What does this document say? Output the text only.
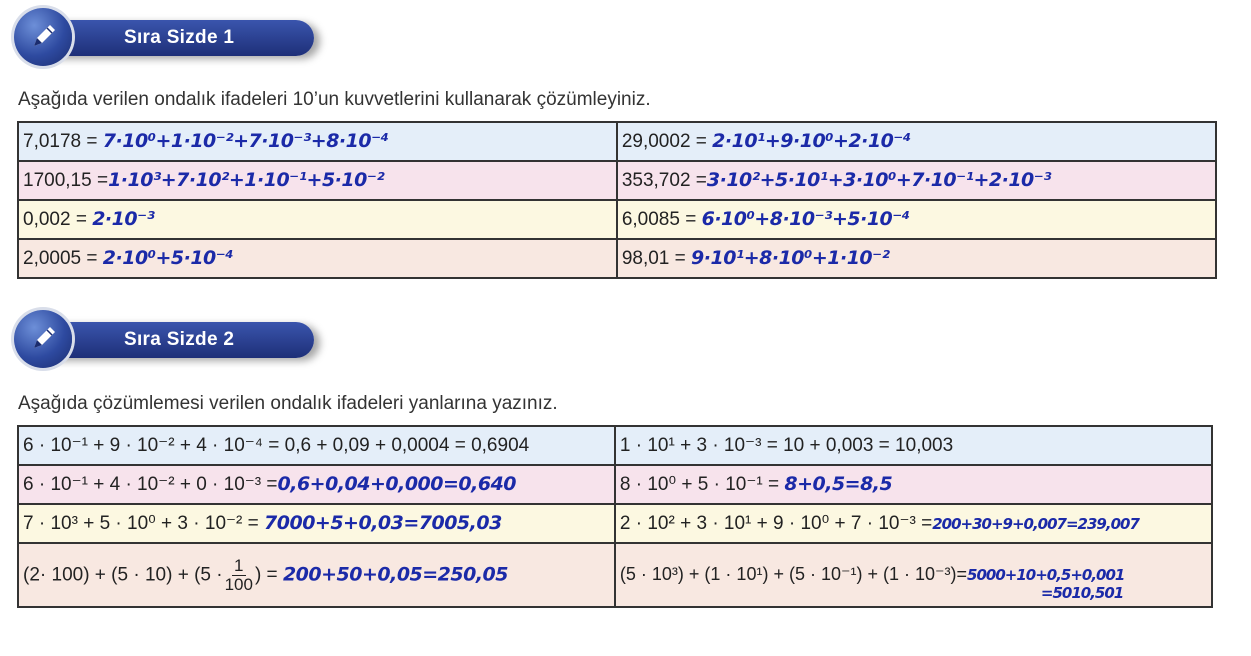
Sıra Sizde 1
Aşağıda verilen ondalık ifadeleri 10’un kuvvetlerini kullanarak çözümleyiniz.
7,0178 = 7·10⁰+1·10⁻²+7·10⁻³+8·10⁻⁴	29,0002 = 2·10¹+9·10⁰+2·10⁻⁴
1700,15 =1·10³+7·10²+1·10⁻¹+5·10⁻²	353,702 =3·10²+5·10¹+3·10⁰+7·10⁻¹+2·10⁻³
0,002 = 2·10⁻³	6,0085 = 6·10⁰+8·10⁻³+5·10⁻⁴
2,0005 = 2·10⁰+5·10⁻⁴	98,01 = 9·10¹+8·10⁰+1·10⁻²
Sıra Sizde 2
Aşağıda çözümlemesi verilen ondalık ifadeleri yanlarına yazınız.
6 · 10⁻¹ + 9 · 10⁻² + 4 · 10⁻⁴ = 0,6 + 0,09 + 0,0004 = 0,6904	1 · 10¹ + 3 · 10⁻³ = 10 + 0,003 = 10,003
6 · 10⁻¹ + 4 · 10⁻² + 0 · 10⁻³ =0,6+0,04+0,000=0,640	8 · 10⁰ + 5 · 10⁻¹ = 8+0,5=8,5
7 · 10³ + 5 · 10⁰ + 3 · 10⁻² = 7000+5+0,03=7005,03	2 · 10² + 3 · 10¹ + 9 · 10⁰ + 7 · 10⁻³ =200+30+9+0,007=239,007
$(2\cdot 100) + (5 \cdot 10) + (5 \cdot \frac{1}{100}$ ) = 200+50+0,05=250,05	(5 · 10³) + (1 · 10¹) + (5 · 10⁻¹) + (1 · 10⁻³)=5000+10+0,5+0,001
=5010,501
